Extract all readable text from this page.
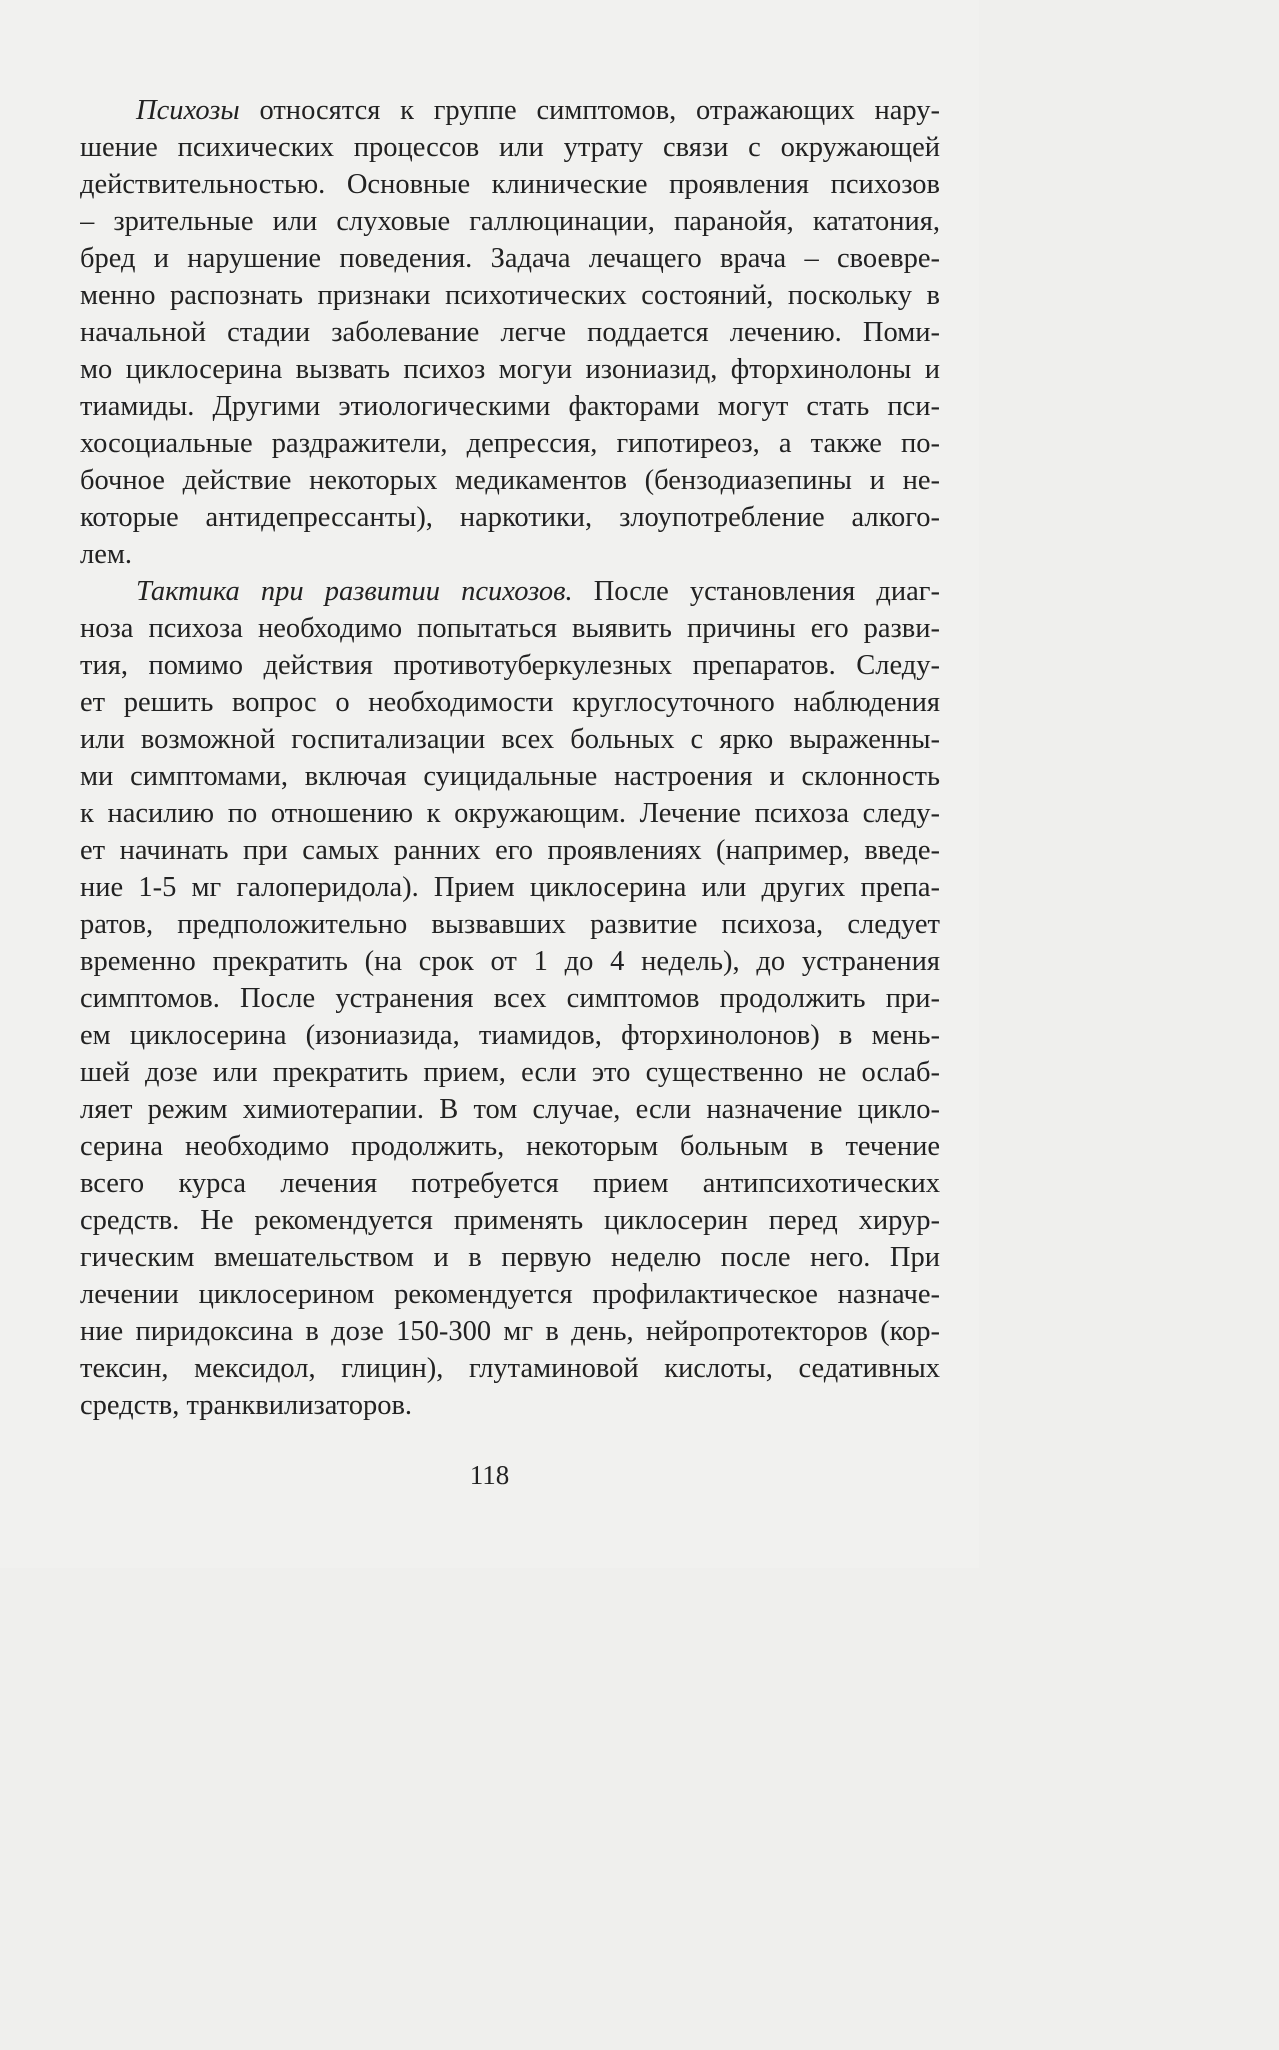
Психозы относятся к группе симптомов, отражающих нару-
шение психических процессов или утрату связи с окружающей
действительностью. Основные клинические проявления психозов
– зрительные или слуховые галлюцинации, паранойя, кататония,
бред и нарушение поведения. Задача лечащего врача – своевре-
менно распознать признаки психотических состояний, поскольку в
начальной стадии заболевание легче поддается лечению. Поми-
мо циклосерина вызвать психоз могуи изониазид, фторхинолоны и
тиамиды. Другими этиологическими факторами могут стать пси-
хосоциальные раздражители, депрессия, гипотиреоз, а также по-
бочное действие некоторых медикаментов (бензодиазепины и не-
которые антидепрессанты), наркотики, злоупотребление алкого-
лем.
Тактика при развитии психозов. После установления диаг-
ноза психоза необходимо попытаться выявить причины его разви-
тия, помимо действия противотуберкулезных препаратов. Следу-
ет решить вопрос о необходимости круглосуточного наблюдения
или возможной госпитализации всех больных с ярко выраженны-
ми симптомами, включая суицидальные настроения и склонность
к насилию по отношению к окружающим. Лечение психоза следу-
ет начинать при самых ранних его проявлениях (например, введе-
ние 1-5 мг галоперидола). Прием циклосерина или других препа-
ратов, предположительно вызвавших развитие психоза, следует
временно прекратить (на срок от 1 до 4 недель), до устранения
симптомов. После устранения всех симптомов продолжить при-
ем циклосерина (изониазида, тиамидов, фторхинолонов) в мень-
шей дозе или прекратить прием, если это существенно не ослаб-
ляет режим химиотерапии. В том случае, если назначение цикло-
серина необходимо продолжить, некоторым больным в течение
всего курса лечения потребуется прием антипсихотических
средств. Не рекомендуется применять циклосерин перед хирур-
гическим вмешательством и в первую неделю после него. При
лечении циклосерином рекомендуется профилактическое назначе-
ние пиридоксина в дозе 150-300 мг в день, нейропротекторов (кор-
тексин, мексидол, глицин), глутаминовой кислоты, седативных
средств, транквилизаторов.
118
